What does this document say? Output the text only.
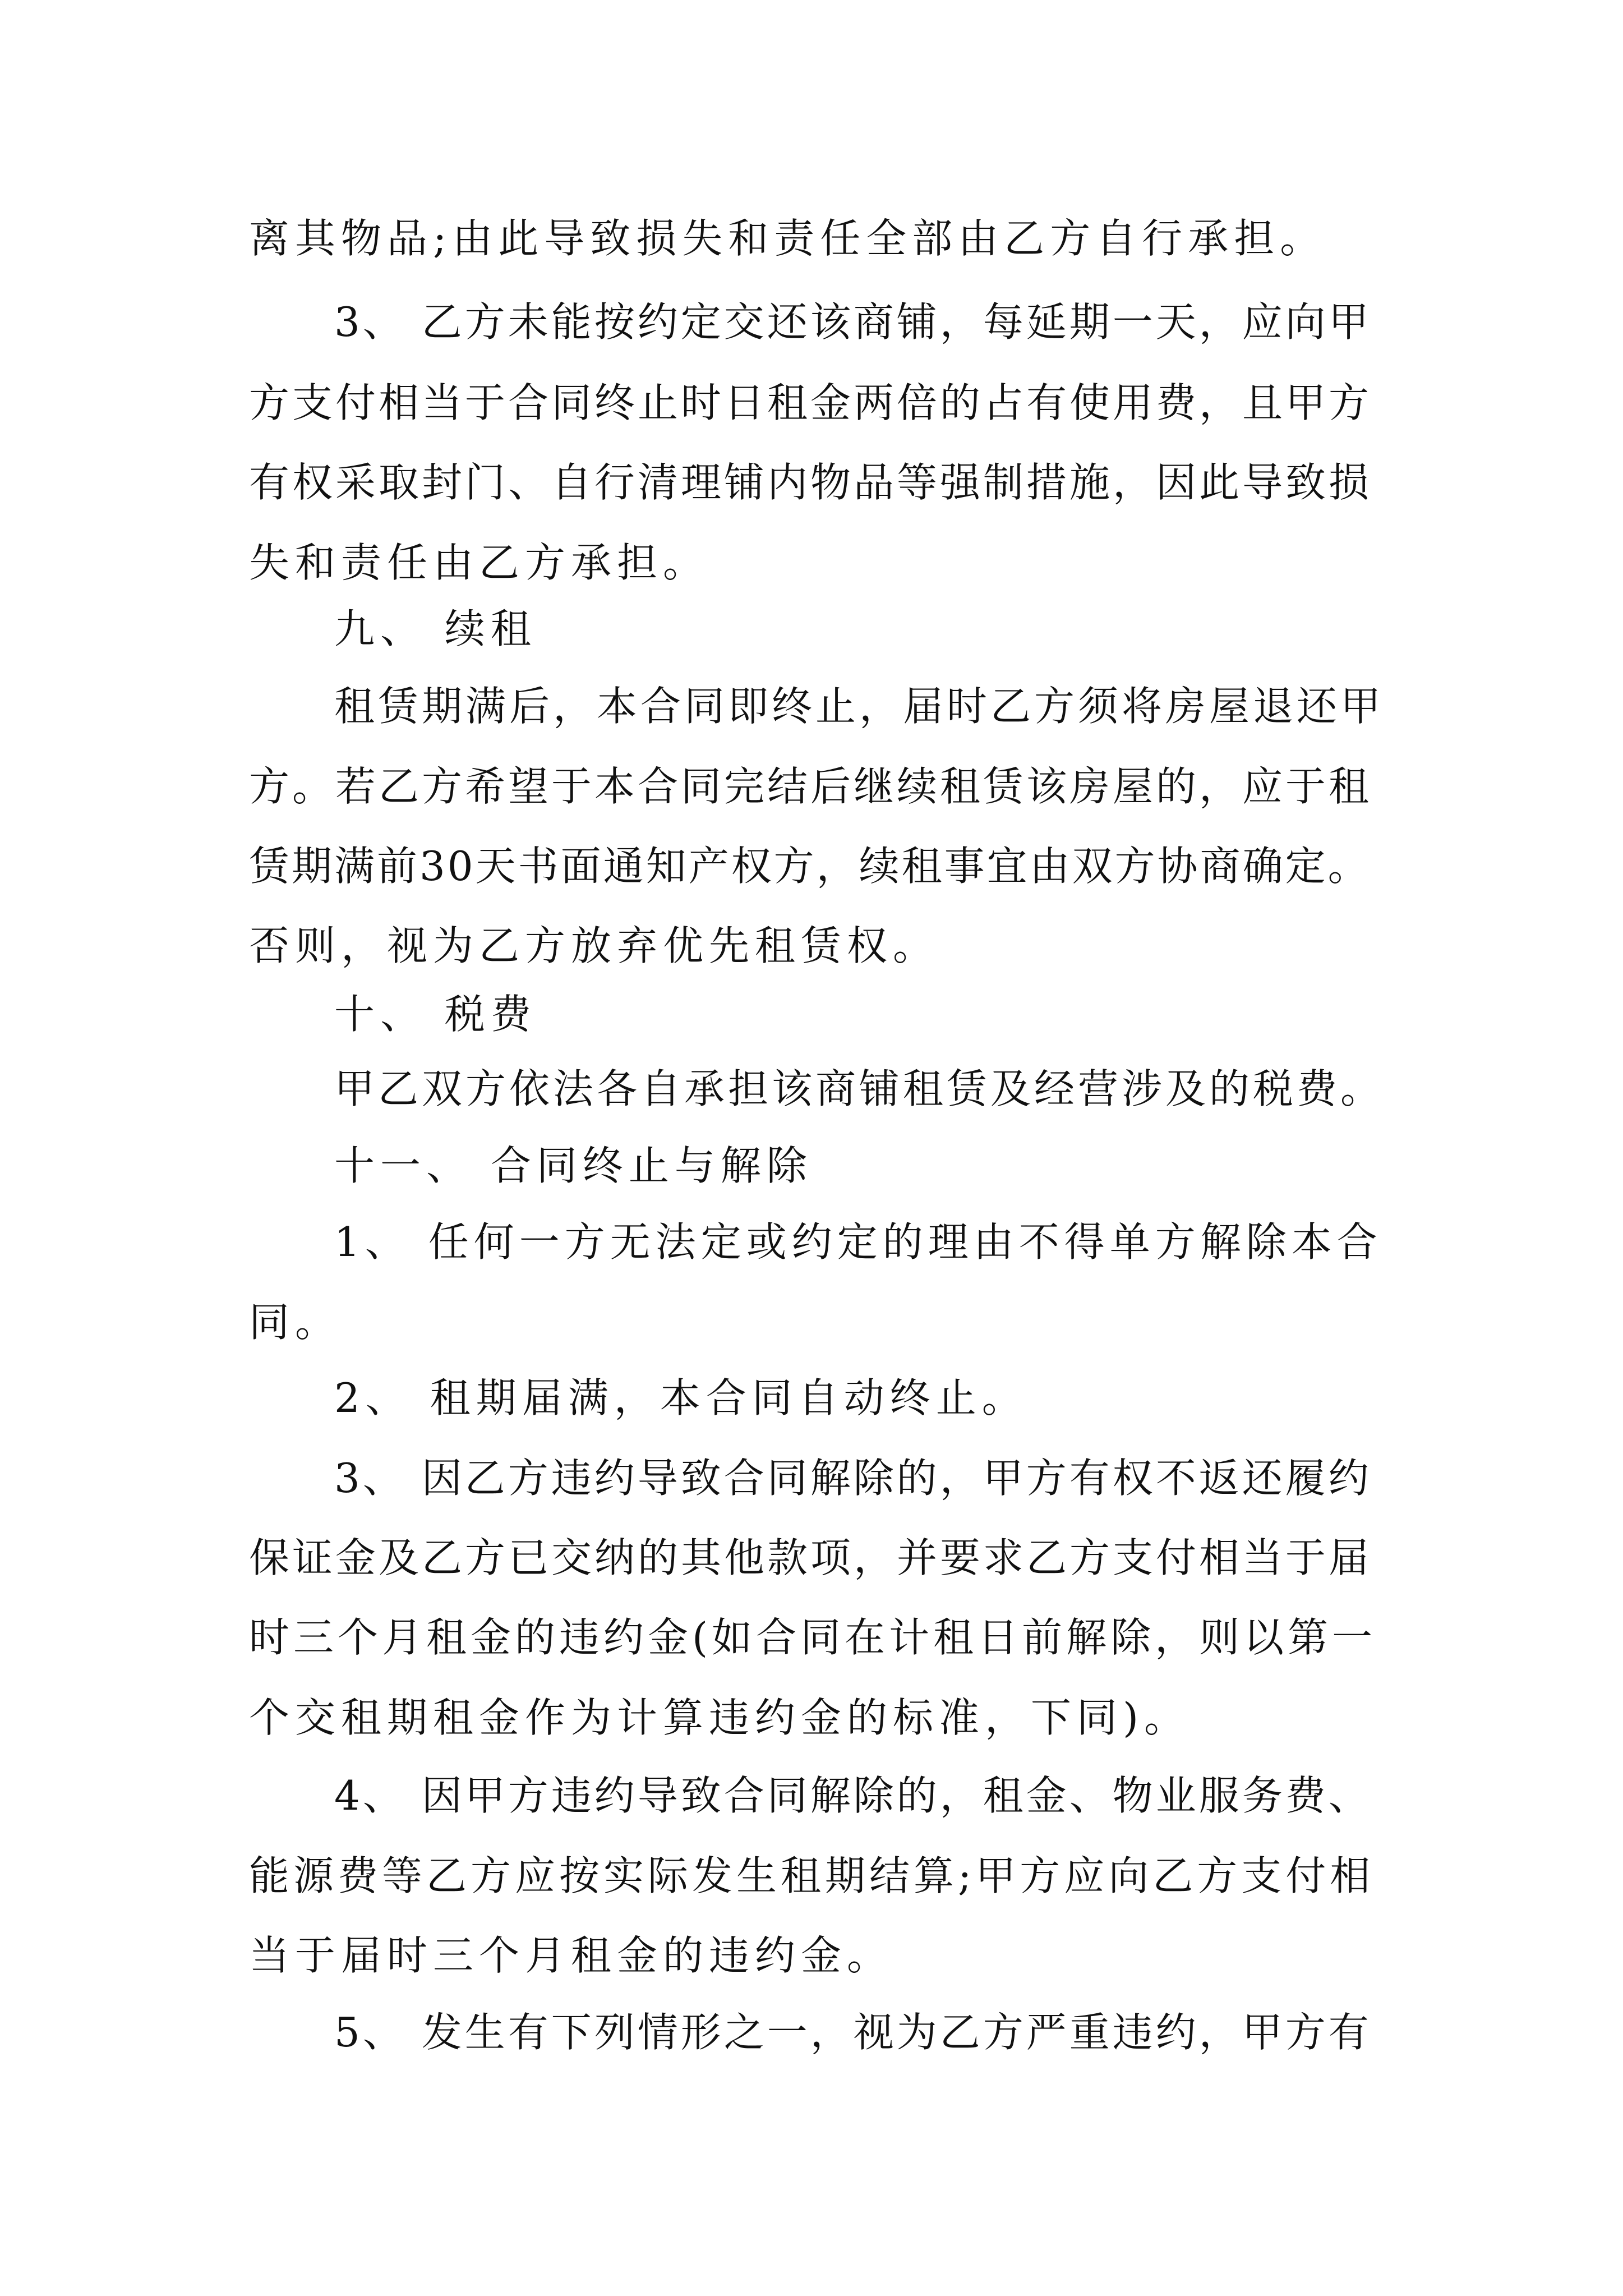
离其物品;由此导致损失和责任全部由乙方自行承担。
3、 乙方未能按约定交还该商铺，每延期一天，应向甲
方支付相当于合同终止时日租金两倍的占有使用费，且甲方
有权采取封门、自行清理铺内物品等强制措施，因此导致损
失和责任由乙方承担。
九、 续租
租赁期满后，本合同即终止，届时乙方须将房屋退还甲
方。若乙方希望于本合同完结后继续租赁该房屋的，应于租
赁期满前30天书面通知产权方，续租事宜由双方协商确定。
否则，视为乙方放弃优先租赁权。
十、 税费
甲乙双方依法各自承担该商铺租赁及经营涉及的税费。
十一、 合同终止与解除
1、 任何一方无法定或约定的理由不得单方解除本合
同。
2、 租期届满，本合同自动终止。
3、 因乙方违约导致合同解除的，甲方有权不返还履约
保证金及乙方已交纳的其他款项，并要求乙方支付相当于届
时三个月租金的违约金(如合同在计租日前解除，则以第一
个交租期租金作为计算违约金的标准，下同)。
4、 因甲方违约导致合同解除的，租金、物业服务费、
能源费等乙方应按实际发生租期结算;甲方应向乙方支付相
当于届时三个月租金的违约金。
5、 发生有下列情形之一，视为乙方严重违约，甲方有
